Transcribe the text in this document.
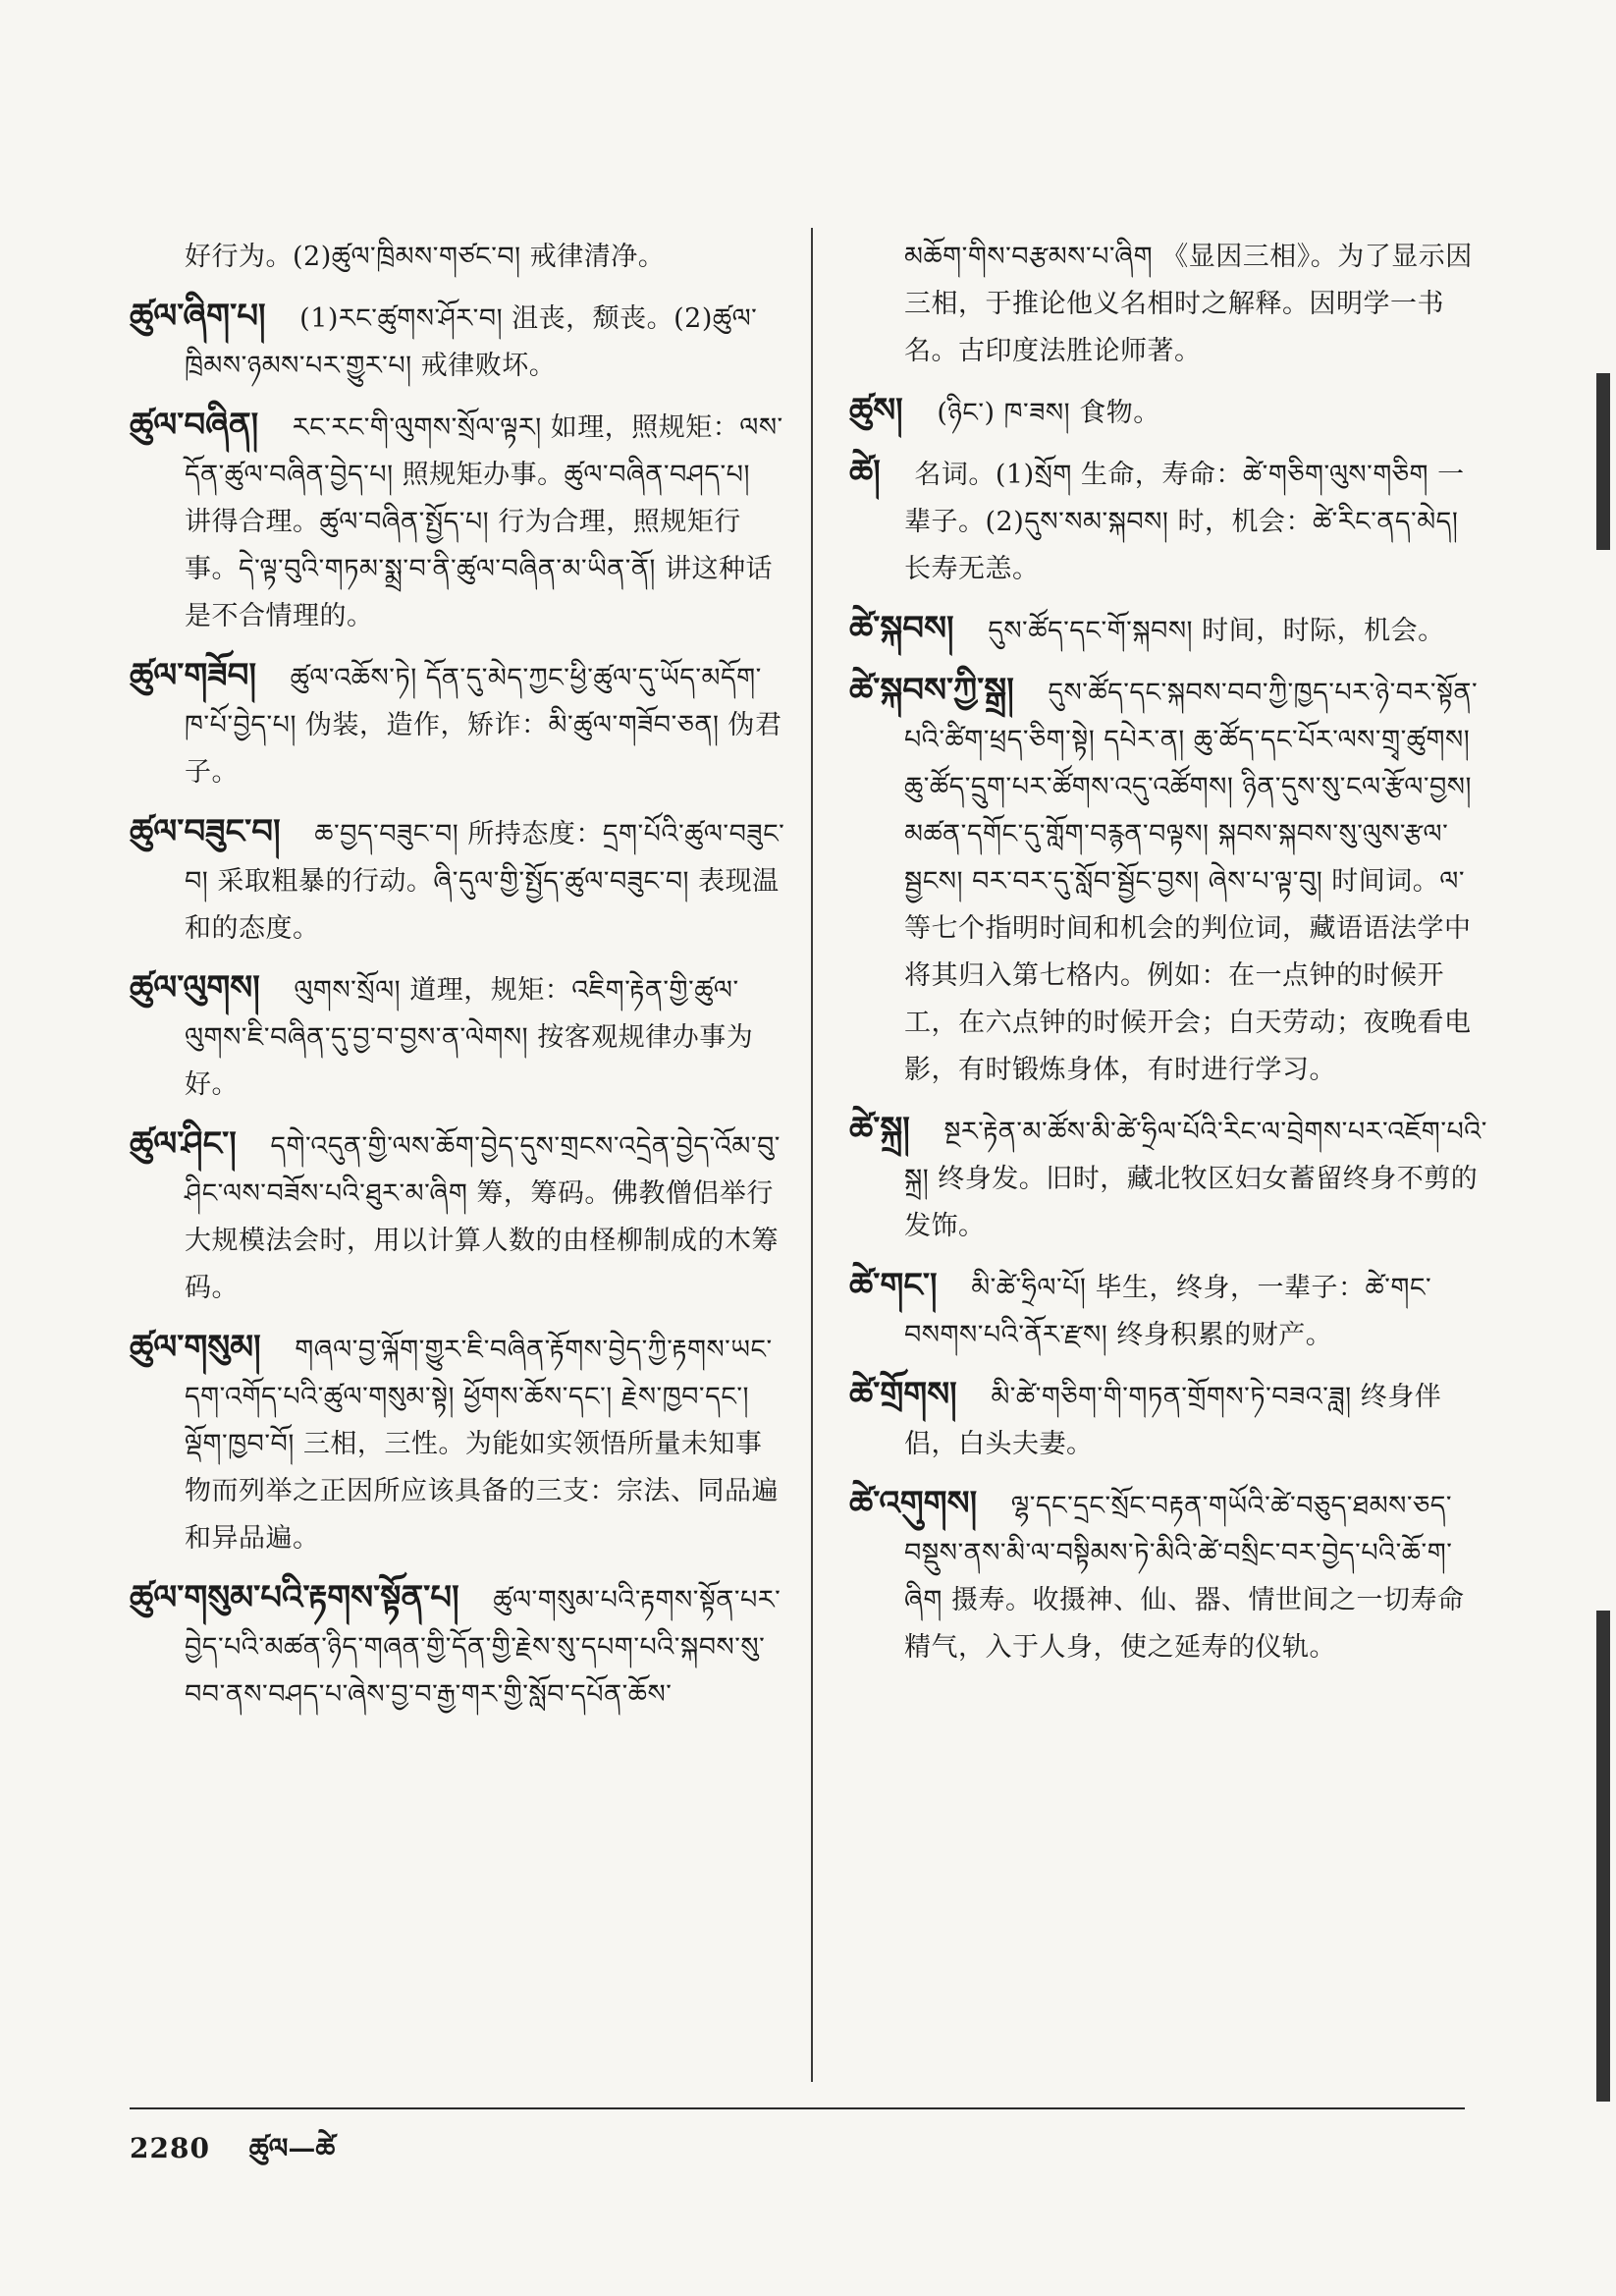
好行为。(2)ཚུལ་ཁྲིམས་གཙང་བ། 戒律清净。

ཚུལ་ཞིག་པ། (1)རང་ཚུགས་ཤོར་བ། 沮丧，颓丧。(2)ཚུལ་ཁྲིམས་ཉམས་པར་གྱུར་པ། 戒律败坏。

ཚུལ་བཞིན། རང་རང་གི་ལུགས་སྲོལ་ལྟར། 如理，照规矩：ལས་དོན་ཚུལ་བཞིན་བྱེད་པ། 照规矩办事。ཚུལ་བཞིན་བཤད་པ། 讲得合理。ཚུལ་བཞིན་སྤྱོད་པ། 行为合理，照规矩行事。དེ་ལྟ་བུའི་གཏམ་སྨྲ་བ་ནི་ཚུལ་བཞིན་མ་ཡིན་ནོ། 讲这种话是不合情理的。

ཚུལ་གཟོབ། ཚུལ་འཆོས་ཏེ། དོན་དུ་མེད་ཀྱང་ཕྱི་ཚུལ་དུ་ཡོད་མདོག་ཁ་པོ་བྱེད་པ། 伪装，造作，矫诈：མི་ཚུལ་གཟོབ་ཅན། 伪君子。

ཚུལ་བཟུང་བ། ཆ་བྱད་བཟུང་བ། 所持态度：དྲག་པོའི་ཚུལ་བཟུང་བ། 采取粗暴的行动。ཞི་དུལ་གྱི་སྤྱོད་ཚུལ་བཟུང་བ། 表现温和的态度。

ཚུལ་ལུགས། ལུགས་སྲོལ། 道理，规矩：འཇིག་རྟེན་གྱི་ཚུལ་ལུགས་ཇི་བཞིན་དུ་བྱ་བ་བྱས་ན་ལེགས། 按客观规律办事为好。

ཚུལ་ཤིང་། དགེ་འདུན་གྱི་ལས་ཆོག་བྱེད་དུས་གྲངས་འདྲེན་བྱེད་འོམ་བུ་ཤིང་ལས་བཟོས་པའི་ཐུར་མ་ཞིག 筹，筹码。佛教僧侣举行大规模法会时，用以计算人数的由柽柳制成的木筹码。

ཚུལ་གསུམ། གཞལ་བྱ་ལྐོག་གྱུར་ཇི་བཞིན་རྟོགས་བྱེད་ཀྱི་རྟགས་ཡང་དག་འགོད་པའི་ཚུལ་གསུམ་སྟེ། ཕྱོགས་ཆོས་དང་། རྗེས་ཁྱབ་དང་། ལྡོག་ཁྱབ་བོ། 三相，三性。为能如实领悟所量未知事物而列举之正因所应该具备的三支：宗法、同品遍和异品遍。

ཚུལ་གསུམ་པའི་རྟགས་སྟོན་པ། ཚུལ་གསུམ་པའི་རྟགས་སྟོན་པར་བྱེད་པའི་མཚན་ཉིད་གཞན་གྱི་དོན་གྱི་རྗེས་སུ་དཔག་པའི་སྐབས་སུ་བབ་ནས་བཤད་པ་ཞེས་བྱ་བ་རྒྱ་གར་གྱི་སློབ་དཔོན་ཆོས་

མཆོག་གིས་བརྩམས་པ་ཞིག 《显因三相》。为了显示因三相，于推论他义名相时之解释。因明学一书名。古印度法胜论师著。

ཚུས། (ཉིང་) ཁ་ཟས། 食物。

ཚེ། 名词。(1)སྲོག 生命，寿命：ཚེ་གཅིག་ལུས་གཅིག 一辈子。(2)དུས་སམ་སྐབས། 时，机会：ཚེ་རིང་ནད་མེད། 长寿无恙。

ཚེ་སྐབས། དུས་ཚོད་དང་གོ་སྐབས། 时间，时际，机会。

ཚེ་སྐབས་ཀྱི་སྒྲ། དུས་ཚོད་དང་སྐབས་བབ་ཀྱི་ཁྱད་པར་ཉེ་བར་སྟོན་པའི་ཚིག་ཕྲད་ཅིག་སྟེ། དཔེར་ན། ཆུ་ཚོད་དང་པོར་ལས་གྲྭ་ཚུགས། ཆུ་ཚོད་དྲུག་པར་ཚོགས་འདུ་འཚོགས། ཉིན་དུས་སུ་ངལ་རྩོལ་བྱས། མཚན་དགོང་དུ་གློག་བརྙན་བལྟས། སྐབས་སྐབས་སུ་ལུས་རྩལ་སྦྱངས། བར་བར་དུ་སློབ་སྦྱོང་བྱས། ཞེས་པ་ལྟ་བུ། 时间词。ལ་等七个指明时间和机会的判位词，藏语语法学中将其归入第七格内。例如：在一点钟的时候开工，在六点钟的时候开会；白天劳动；夜晚看电影，有时锻炼身体，有时进行学习。

ཚེ་སྐྲ། སྔར་རྟེན་མ་ཚོས་མི་ཚེ་ཧྲིལ་པོའི་རིང་ལ་བྲེགས་པར་འཇོག་པའི་སྐྲ། 终身发。旧时，藏北牧区妇女蓄留终身不剪的发饰。

ཚེ་གང་། མི་ཚེ་ཧྲིལ་པོ། 毕生，终身，一辈子：ཚེ་གང་བསགས་པའི་ནོར་རྫས། 终身积累的财产。

ཚེ་གྲོགས། མི་ཚེ་གཅིག་གི་གཏན་གྲོགས་ཏེ་བཟའ་ཟླ། 终身伴侣，白头夫妻。

ཚེ་འགུགས། ལྷ་དང་དྲང་སྲོང་བརྟན་གཡོའི་ཚེ་བཅུད་ཐམས་ཅད་བསྡུས་ནས་མི་ལ་བསྟིམས་ཏེ་མིའི་ཚེ་བསྲིང་བར་བྱེད་པའི་ཆོ་ག་ཞིག 摄寿。收摄神、仙、器、情世间之一切寿命精气，入于人身，使之延寿的仪轨。

2280 ཚུལ—ཚེ
